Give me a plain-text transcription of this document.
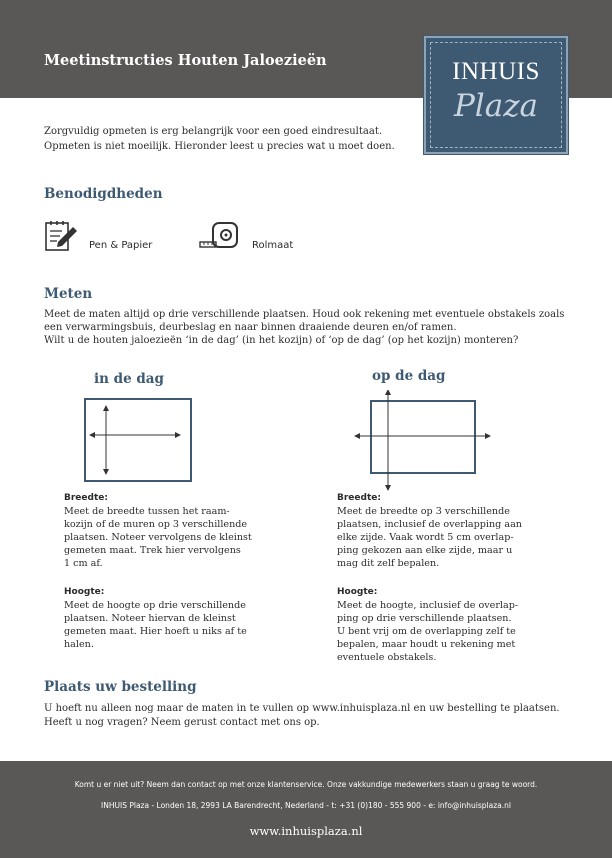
Meetinstructies Houten Jaloezieën	INHUIS
Plaza
Zorgvuldig opmeten is erg belangrijk voor een goed eindresultaat.
Opmeten is niet moeilijk. Hieronder leest u precies wat u moet doen.
Benodigdheden
Pen & Papier	Rolmaat
Meten
Meet de maten altijd op drie verschillende plaatsen. Houd ook rekening met eventuele obstakels zoals een verwarmingsbuis, deurbeslag en naar binnen draaiende deuren en/of ramen.
Wilt u de houten jaloezieën ‘in de dag’ (in het kozijn) of ‘op de dag’ (op het kozijn) monteren?
in de dag	op de dag
Breedte:

Meet de breedte tussen het raam-
kozijn of de muren op 3 verschillende
plaatsen. Noteer vervolgens de kleinst
gemeten maat. Trek hier vervolgens
1 cm af.

Hoogte:

Meet de hoogte op drie verschillende
plaatsen. Noteer hiervan de kleinst
gemeten maat. Hier hoeft u niks af te
halen.

Breedte:

Meet de breedte op 3 verschillende
plaatsen, inclusief de overlapping aan
elke zijde. Vaak wordt 5 cm overlap-
ping gekozen aan elke zijde, maar u
mag dit zelf bepalen.

Hoogte:

Meet de hoogte, inclusief de overlap-
ping op drie verschillende plaatsen.
U bent vrij om de overlapping zelf te
bepalen, maar houdt u rekening met
eventuele obstakels.

Plaats uw bestelling
U hoeft nu alleen nog maar de maten in te vullen op www.inhuisplaza.nl en uw bestelling te plaatsen.
Heeft u nog vragen? Neem gerust contact met ons op.
Komt u er niet uit? Neem dan contact op met onze klantenservice. Onze vakkundige medewerkers staan u graag te woord.
INHUIS Plaza - Londen 18, 2993 LA Barendrecht, Nederland - t: +31 (0)180 - 555 900 - e: info@inhuisplaza.nl
www.inhuisplaza.nl
